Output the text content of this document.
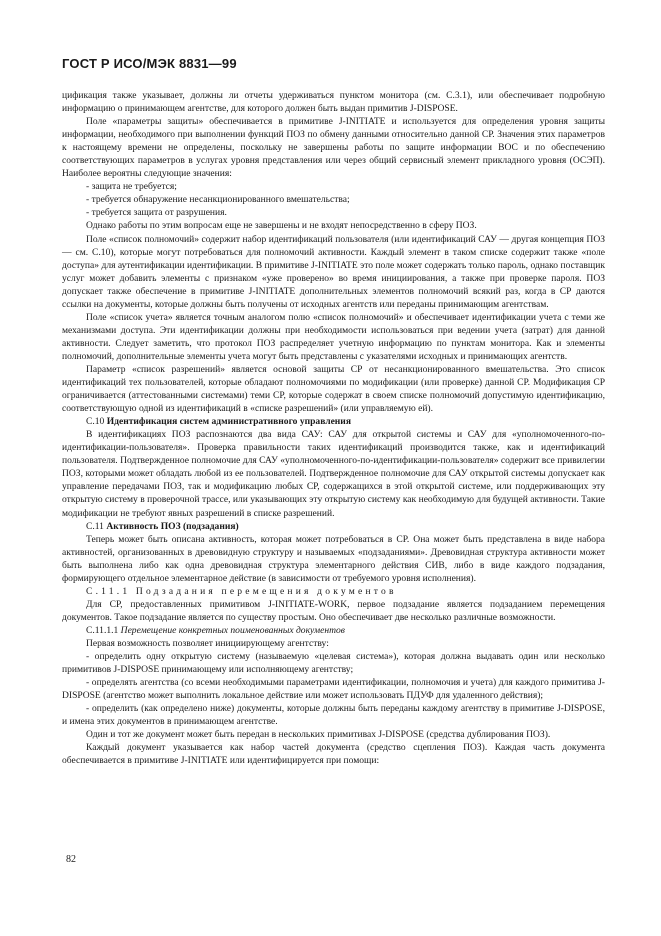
ГОСТ Р ИСО/МЭК 8831—99

цификация также указывает, должны ли отчеты удерживаться пунктом монитора (см. С.3.1), или обеспечивает подробную информацию о принимающем агентстве, для которого должен быть выдан примитив J-DISPOSE.

Поле «параметры защиты» обеспечивается в примитиве J-INITIATE и используется для определения уровня защиты информации, необходимого при выполнении функций ПОЗ по обмену данными относительно данной СР. Значения этих параметров к настоящему времени не определены, поскольку не завершены работы по защите информации ВОС и по обеспечению соответствующих параметров в услугах уровня представления или через общий сервисный элемент прикладного уровня (ОСЭП). Наиболее вероятны следующие значения:

- защита не требуется;

- требуется обнаружение несанкционированного вмешательства;

- требуется защита от разрушения.

Однако работы по этим вопросам еще не завершены и не входят непосредственно в сферу ПОЗ.

Поле «список полномочий» содержит набор идентификаций пользователя (или идентификаций САУ — другая концепция ПОЗ — см. С.10), которые могут потребоваться для полномочий активности. Каждый элемент в таком списке содержит также «поле доступа» для аутентификации идентификации. В примитиве J-INITIATE это поле может содержать только пароль, однако поставщик услуг может добавить элементы с признаком «уже проверено» во время инициирования, а также при проверке пароля. ПОЗ допускает также обеспечение в примитиве J-INITIATE дополнительных элементов полномочий всякий раз, когда в СР даются ссылки на документы, которые должны быть получены от исходных агентств или переданы принимающим агентствам.

Поле «список учета» является точным аналогом полю «список полномочий» и обеспечивает идентификации учета с теми же механизмами доступа. Эти идентификации должны при необходимости использоваться при ведении учета (затрат) для данной активности. Следует заметить, что протокол ПОЗ распределяет учетную информацию по пунктам монитора. Как и элементы полномочий, дополнительные элементы учета могут быть представлены с указателями исходных и принимающих агентств.

Параметр «список разрешений» является основой защиты СР от несанкционированного вмешательства. Это список идентификаций тех пользователей, которые обладают полномочиями по модификации (или проверке) данной СР. Модификация СР ограничивается (аттестованными системами) теми СР, которые содержат в своем списке полномочий допустимую идентификацию, соответствующую одной из идентификаций в «списке разрешений» (или управляемую ей).

С.10 Идентификация систем административного управления

В идентификациях ПОЗ распознаются два вида САУ: САУ для открытой системы и САУ для «уполномоченного-по-идентификации-пользователя». Проверка правильности таких идентификаций производится также, как и идентификаций пользователя. Подтвержденное полномочие для САУ «уполномоченного-по-идентификации-пользователя» содержит все привилегии ПОЗ, которыми может обладать любой из ее пользователей. Подтвержденное полномочие для САУ открытой системы допускает как управление передачами ПОЗ, так и модификацию любых СР, содержащихся в этой открытой системе, или поддерживающих эту открытую систему в проверочной трассе, или указывающих эту открытую систему как необходимую для будущей активности. Такие модификации не требуют явных разрешений в списке разрешений.

С.11 Активность ПОЗ (подзадания)

Теперь может быть описана активность, которая может потребоваться в СР. Она может быть представлена в виде набора активностей, организованных в древовидную структуру и называемых «подзаданиями». Древовидная структура активности может быть выполнена либо как одна древовидная структура элементарного действия СИВ, либо в виде каждого подзадания, формирующего отдельное элементарное действие (в зависимости от требуемого уровня исполнения).

С.11.1 Подзадания перемещения документов

Для СР, предоставленных примитивом J-INITIATE-WORK, первое подзадание является подзаданием перемещения документов. Такое подзадание является по существу простым. Оно обеспечивает две несколько различные возможности.

С.11.1.1 Перемещение конкретных поименованных документов

Первая возможность позволяет инициирующему агентству:

- определить одну открытую систему (называемую «целевая система»), которая должна выдавать один или несколько примитивов J-DISPOSE принимающему или исполняющему агентству;

- определять агентства (со всеми необходимыми параметрами идентификации, полномочия и учета) для каждого примитива J-DISPOSE (агентство может выполнить локальное действие или может использовать ПДУФ для удаленного действия);

- определить (как определено ниже) документы, которые должны быть переданы каждому агентству в примитиве J-DISPOSE, и имена этих документов в принимающем агентстве.

Один и тот же документ может быть передан в нескольких примитивах J-DISPOSE (средства дублирования ПОЗ).

Каждый документ указывается как набор частей документа (средство сцепления ПОЗ). Каждая часть документа обеспечивается в примитиве J-INITIATE или идентифицируется при помощи:

82
